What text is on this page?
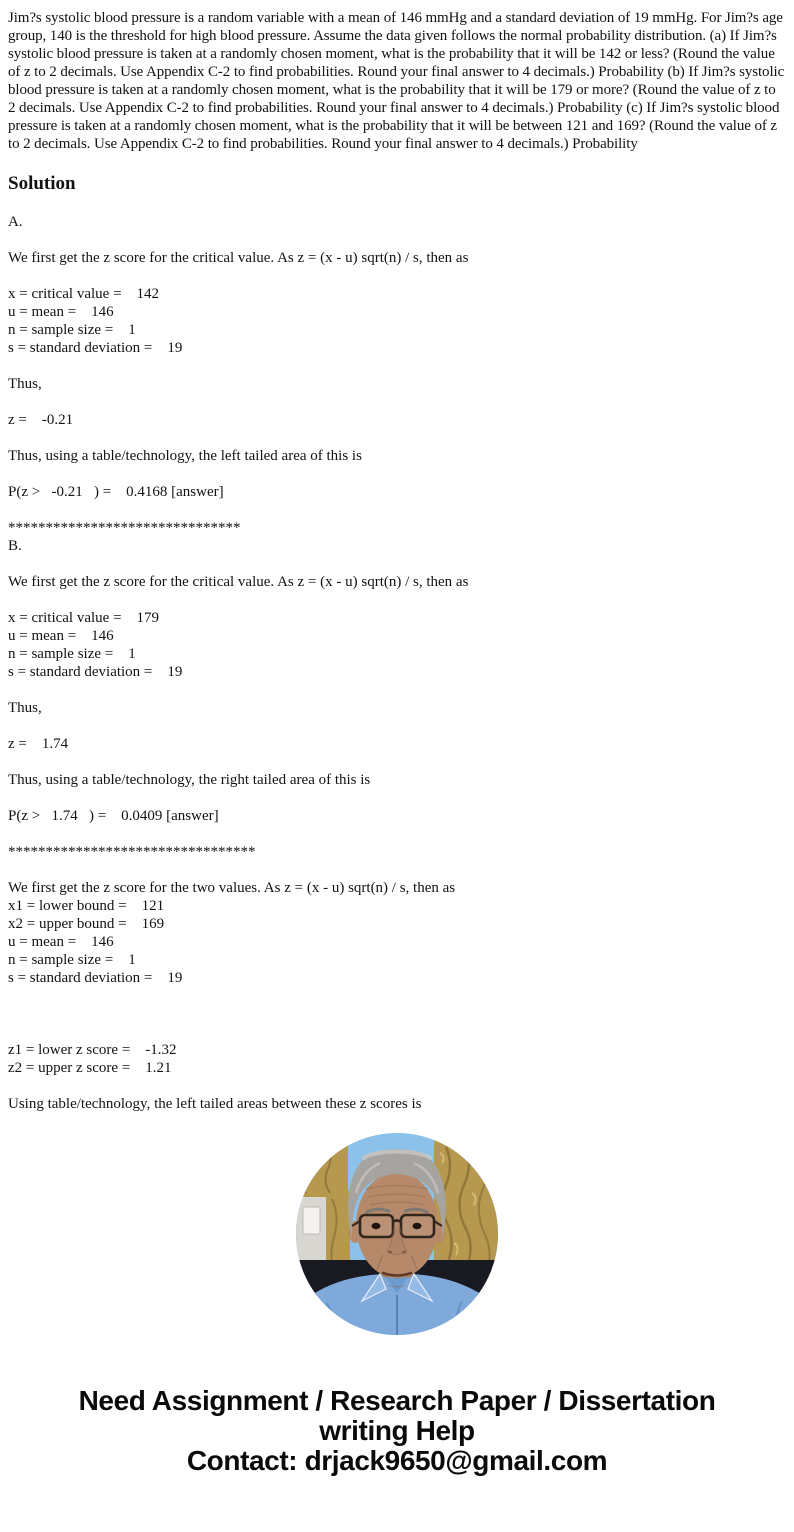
Jim?s systolic blood pressure is a random variable with a mean of 146 mmHg and a standard deviation of 19 mmHg. For Jim?s age group, 140 is the threshold for high blood pressure. Assume the data given follows the normal probability distribution. (a) If Jim?s systolic blood pressure is taken at a randomly chosen moment, what is the probability that it will be 142 or less? (Round the value of z to 2 decimals. Use Appendix C-2 to find probabilities. Round your final answer to 4 decimals.) Probability (b) If Jim?s systolic blood pressure is taken at a randomly chosen moment, what is the probability that it will be 179 or more? (Round the value of z to 2 decimals. Use Appendix C-2 to find probabilities. Round your final answer to 4 decimals.) Probability (c) If Jim?s systolic blood pressure is taken at a randomly chosen moment, what is the probability that it will be between 121 and 169? (Round the value of z to 2 decimals. Use Appendix C-2 to find probabilities. Round your final answer to 4 decimals.) Probability

Solution
A.
We first get the z score for the critical value. As z = (x - u) sqrt(n) / s, then as
x = critical value =    142
u = mean =    146
n = sample size =    1
s = standard deviation =    19
Thus,
z =    -0.21
Thus, using a table/technology, the left tailed area of this is
P(z >   -0.21   ) =    0.4168 [answer]
*******************************
B.
We first get the z score for the critical value. As z = (x - u) sqrt(n) / s, then as
x = critical value =    179
u = mean =    146
n = sample size =    1
s = standard deviation =    19
Thus,
z =    1.74
Thus, using a table/technology, the right tailed area of this is
P(z >   1.74   ) =    0.0409 [answer]
*********************************
We first get the z score for the two values. As z = (x - u) sqrt(n) / s, then as
x1 = lower bound =    121
x2 = upper bound =    169
u = mean =    146
n = sample size =    1
s = standard deviation =    19
z1 = lower z score =    -1.32
z2 = upper z score =    1.21
Using table/technology, the left tailed areas between these z scores is
Need Assignment / Research Paper / Dissertation
writing Help
Contact: drjack9650@gmail.com
